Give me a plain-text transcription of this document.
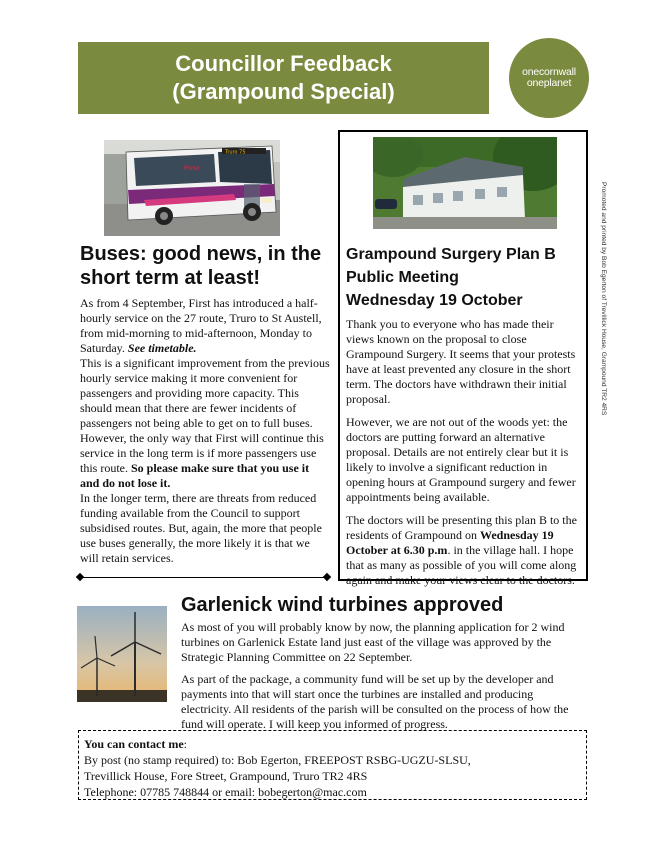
Councillor Feedback
(Grampound Special)
onecornwall
oneplanet
Promoted and printed by Bob Egerton of Trevillick House, Grampound TR2 4RS
Truro 75
First
Buses: good news, in the short term at least!

As from 4 September, First has introduced a half-hourly service on the 27 route, Truro to St Austell, from mid-morning to mid-afternoon, Monday to Saturday. See timetable.

This is a significant improvement from the previous hourly service making it more convenient for passengers and providing more capacity. This should mean that there are fewer incidents of passengers not being able to get on to full buses.

However, the only way that First will continue this service in the long term is if more passengers use this route. So please make sure that you use it and do not lose it.

In the longer term, there are threats from reduced funding available from the Council to support subsidised routes. But, again, the more that people use buses generally, the more likely it is that we will retain services.

Grampound Surgery Plan B
Public Meeting
Wednesday 19 October

Thank you to everyone who has made their views known on the proposal to close Grampound Surgery. It seems that your protests have at least prevented any closure in the short term. The doctors have withdrawn their initial proposal.

However, we are not out of the woods yet: the doctors are putting forward an alternative proposal. Details are not entirely clear but it is likely to involve a significant reduction in opening hours at Grampound surgery and fewer appointments being available.

The doctors will be presenting this plan B to the residents of Grampound on Wednesday 19 October at 6.30 p.m. in the village hall. I hope that as many as possible of you will come along again and make your views clear to the doctors.

Garlenick wind turbines approved

As most of you will probably know by now, the planning application for 2 wind turbines on Garlenick Estate land just east of the village was approved by the Strategic Planning Committee on 22 September.

As part of the package, a community fund will be set up by the developer and payments into that will start once the turbines are installed and producing electricity. All residents of the parish will be consulted on the process of how the fund will operate. I will keep you informed of progress.

You can contact me:
By post (no stamp required) to: Bob Egerton, FREEPOST RSBG-UGZU-SLSU,
Trevillick House, Fore Street, Grampound, Truro TR2 4RS
Telephone: 07785 748844 or email: bobegerton@mac.com
